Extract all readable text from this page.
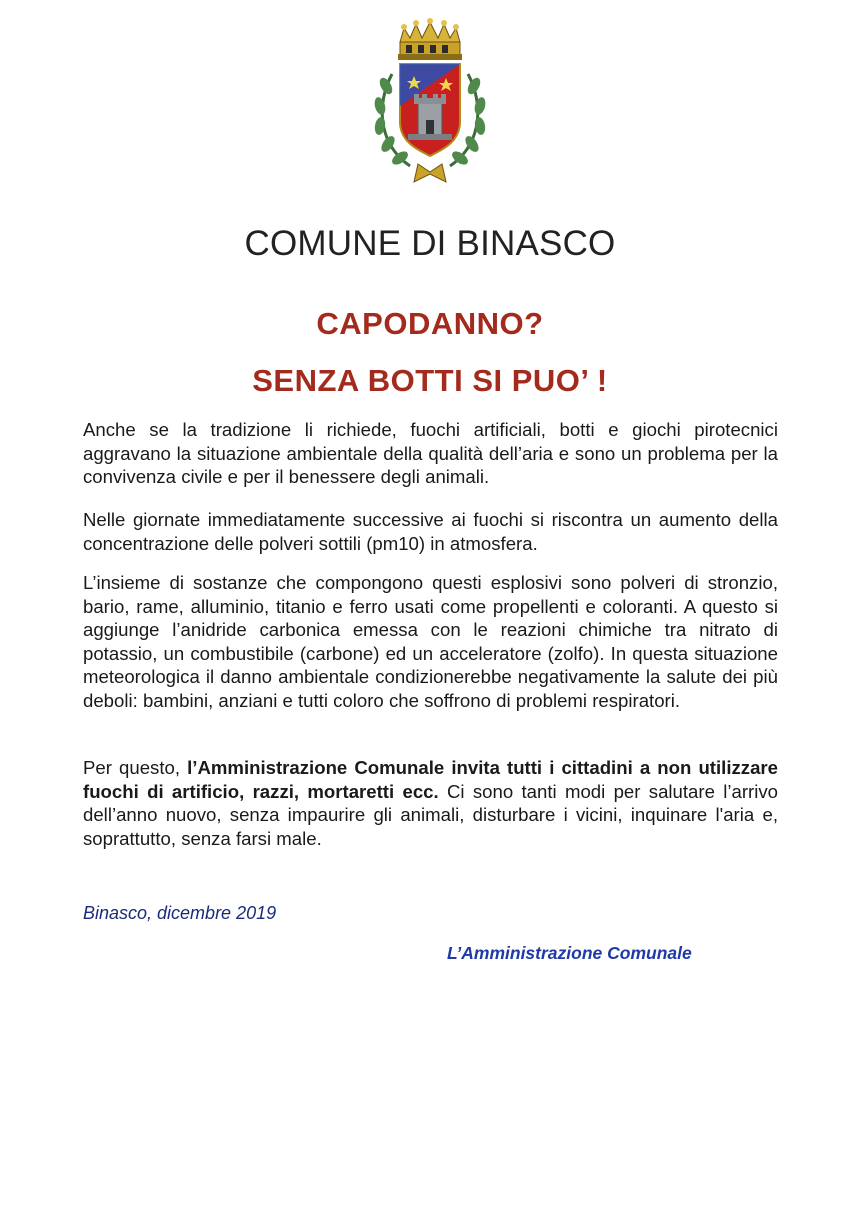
COMUNE DI BINASCO
CAPODANNO?
SENZA BOTTI SI PUO’ !
Anche se la tradizione li richiede, fuochi artificiali, botti e giochi pirotecnici aggravano la situazione ambientale della qualità dell’aria e sono un problema per la convivenza civile e per il benessere degli animali.
Nelle giornate immediatamente successive ai fuochi si riscontra un aumento della concentrazione delle polveri sottili (pm10) in atmosfera.
L’insieme di sostanze che compongono questi esplosivi sono polveri di stronzio, bario, rame, alluminio, titanio e ferro usati come propellenti e coloranti. A questo si aggiunge l’anidride carbonica emessa con le reazioni chimiche tra nitrato di potassio, un combustibile (carbone) ed un acceleratore (zolfo). In questa situazione meteorologica il danno ambientale condizionerebbe negativamente la salute dei più deboli: bambini, anziani e tutti coloro che soffrono di problemi respiratori.
Per questo, l’Amministrazione Comunale invita tutti i cittadini a non utilizzare fuochi di artificio, razzi, mortaretti ecc. Ci sono tanti modi per salutare l’arrivo dell’anno nuovo, senza impaurire gli animali, disturbare i vicini, inquinare l'aria e, soprattutto, senza farsi male.
Binasco, dicembre 2019
L’Amministrazione Comunale
